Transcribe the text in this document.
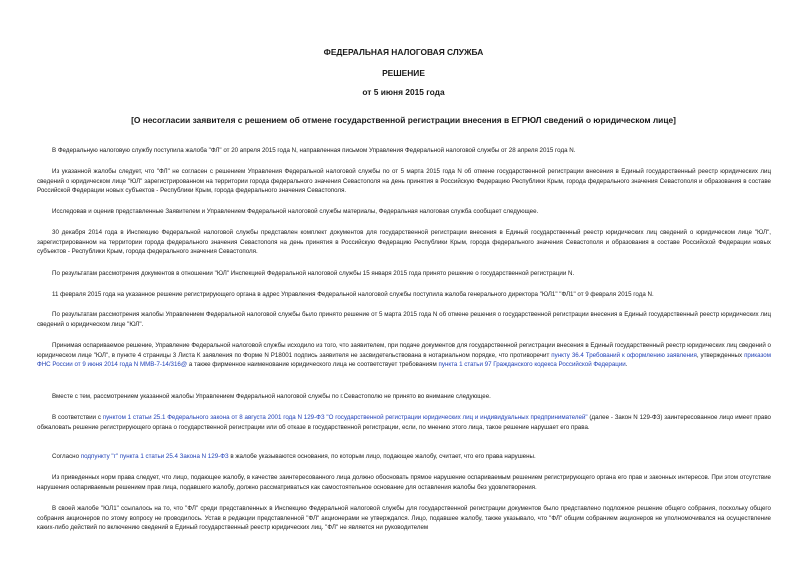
ФЕДЕРАЛЬНАЯ НАЛОГОВАЯ СЛУЖБА
РЕШЕНИЕ
от 5 июня 2015 года
[О несогласии заявителя с решением об отмене государственной регистрации внесения в ЕГРЮЛ сведений о юридическом лице]

В Федеральную налоговую службу поступила жалоба "ФЛ" от 20 апреля 2015 года N, направленная письмом Управления Федеральной налоговой службы от 28 апреля 2015 года N.

Из указанной жалобы следует, что "ФЛ" не согласен с решением Управления Федеральной налоговой службы по от 5 марта 2015 года N об отмене государственной регистрации внесения в Единый государственный реестр юридических лиц сведений о юридическом лице "ЮЛ" зарегистрированном на территории города федерального значения Севастополя на день принятия в Российскую Федерацию Республики Крым, города федерального значения Севастополя и образования в составе Российской Федерации новых субъектов - Республики Крым, города федерального значения Севастополя.

Исследовав и оценив представленные Заявителем и Управлением Федеральной налоговой службы материалы, Федеральная налоговая служба сообщает следующее.

30 декабря 2014 года в Инспекцию Федеральной налоговой службы представлен комплект документов для государственной регистрации внесения в Единый государственный реестр юридических лиц сведений о юридическом лице "ЮЛ", зарегистрированном на территории города федерального значения Севастополя на день принятия в Российскую Федерацию Республики Крым, города федерального значения Севастополя и образования в составе Российской Федерации новых субъектов - Республики Крым, города федерального значения Севастополя.

По результатам рассмотрения документов в отношении "ЮЛ" Инспекцией Федеральной налоговой службы 15 января 2015 года принято решение о государственной регистрации N.

11 февраля 2015 года на указанное решение регистрирующего органа в адрес Управления Федеральной налоговой службы поступила жалоба генерального директора "ЮЛ1" "ФЛ1" от 9 февраля 2015 года N.

По результатам рассмотрения жалобы Управлением Федеральной налоговой службы было принято решение от 5 марта 2015 года N об отмене решения о государственной регистрации внесения в Единый государственный реестр юридических лиц сведений о юридическом лице "ЮЛ".

Принимая оспариваемое решение, Управление Федеральной налоговой службы исходило из того, что заявителем, при подаче документов для государственной регистрации внесения в Единый государственный реестр юридических лиц сведений о юридическом лице "ЮЛ", в пункте 4 страницы 3 Листа К заявления по Форме N Р18001 подпись заявителя не засвидетельствована в нотариальном порядке, что противоречит пункту 36.4 Требований к оформлению заявления, утвержденных приказом ФНС России от 9 июня 2014 года N ММВ-7-14/316@ а также фирменное наименование юридического лица не соответствует требованиям пункта 1 статьи 97 Гражданского кодекса Российской Федерации.

Вместе с тем, рассмотрением указанной жалобы Управлением Федеральной налоговой службы по г.Севастополю не принято во внимание следующее.

В соответствии с пунктом 1 статьи 25.1 Федерального закона от 8 августа 2001 года N 129-ФЗ "О государственной регистрации юридических лиц и индивидуальных предпринимателей" (далее - Закон N 129-ФЗ) заинтересованное лицо имеет право обжаловать решение регистрирующего органа о государственной регистрации или об отказе в государственной регистрации, если, по мнению этого лица, такое решение нарушает его права.

Согласно подпункту "г" пункта 1 статьи 25.4 Закона N 129-ФЗ в жалобе указываются основания, по которым лицо, подающее жалобу, считает, что его права нарушены.

Из приведенных норм права следует, что лицо, подающее жалобу, в качестве заинтересованного лица должно обосновать прямое нарушение оспариваемым решением регистрирующего органа его прав и законных интересов. При этом отсутствие нарушения оспариваемым решением прав лица, подавшего жалобу, должно рассматриваться как самостоятельное основание для оставления жалобы без удовлетворения.

В своей жалобе "ЮЛ1" ссылалось на то, что "ФЛ" среди представленных в Инспекцию Федеральной налоговой службы для государственной регистрации документов было представлено подложное решение общего собрания, поскольку общего собрания акционеров по этому вопросу не проводилось. Устав в редакции представленной "ФЛ" акционерами не утверждался. Лицо, подавшее жалобу, также указывало, что "ФЛ" общим собранием акционеров не уполномочивался на осуществление каких-либо действий по включению сведений в Единый государственный реестр юридических лиц. "ФЛ" не является ни руководителем
